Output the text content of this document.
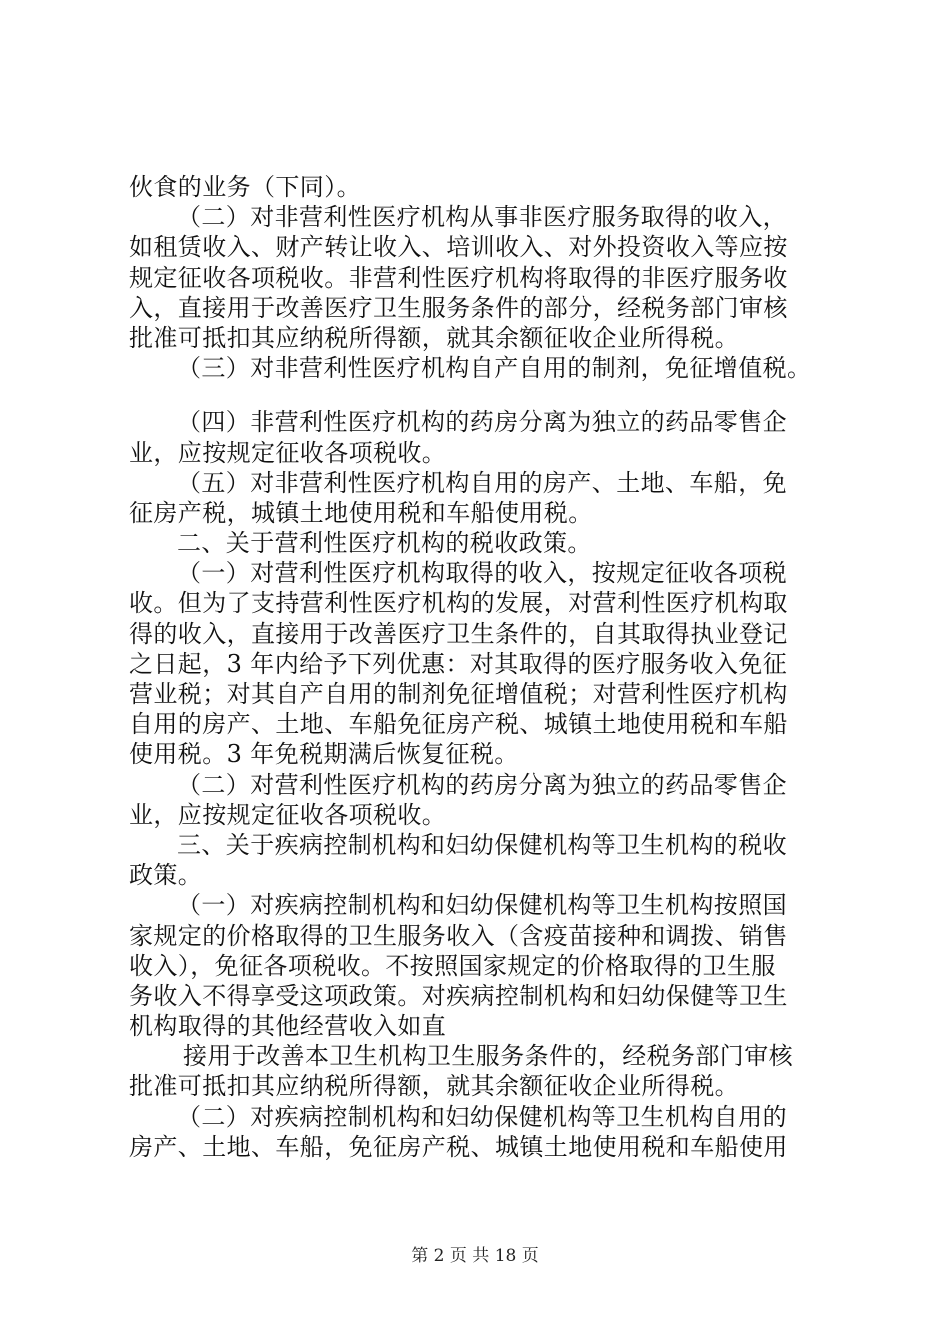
伙食的业务（下同）。
（二）对非营利性医疗机构从事非医疗服务取得的收入，
如租赁收入、财产转让收入、培训收入、对外投资收入等应按
规定征收各项税收。非营利性医疗机构将取得的非医疗服务收
入，直接用于改善医疗卫生服务条件的部分，经税务部门审核
批准可抵扣其应纳税所得额，就其余额征收企业所得税。
（三）对非营利性医疗机构自产自用的制剂，免征增值税。
（四）非营利性医疗机构的药房分离为独立的药品零售企
业，应按规定征收各项税收。
（五）对非营利性医疗机构自用的房产、土地、车船，免
征房产税，城镇土地使用税和车船使用税。
二、关于营利性医疗机构的税收政策。
（一）对营利性医疗机构取得的收入，按规定征收各项税
收。但为了支持营利性医疗机构的发展，对营利性医疗机构取
得的收入，直接用于改善医疗卫生条件的，自其取得执业登记
之日起，3 年内给予下列优惠：对其取得的医疗服务收入免征
营业税；对其自产自用的制剂免征增值税；对营利性医疗机构
自用的房产、土地、车船免征房产税、城镇土地使用税和车船
使用税。3 年免税期满后恢复征税。
（二）对营利性医疗机构的药房分离为独立的药品零售企
业，应按规定征收各项税收。
三、关于疾病控制机构和妇幼保健机构等卫生机构的税收
政策。
（一）对疾病控制机构和妇幼保健机构等卫生机构按照国
家规定的价格取得的卫生服务收入（含疫苗接种和调拨、销售
收入），免征各项税收。不按照国家规定的价格取得的卫生服
务收入不得享受这项政策。对疾病控制机构和妇幼保健等卫生
机构取得的其他经营收入如直
接用于改善本卫生机构卫生服务条件的，经税务部门审核
批准可抵扣其应纳税所得额，就其余额征收企业所得税。
（二）对疾病控制机构和妇幼保健机构等卫生机构自用的
房产、土地、车船，免征房产税、城镇土地使用税和车船使用
第 2 页 共 18 页
